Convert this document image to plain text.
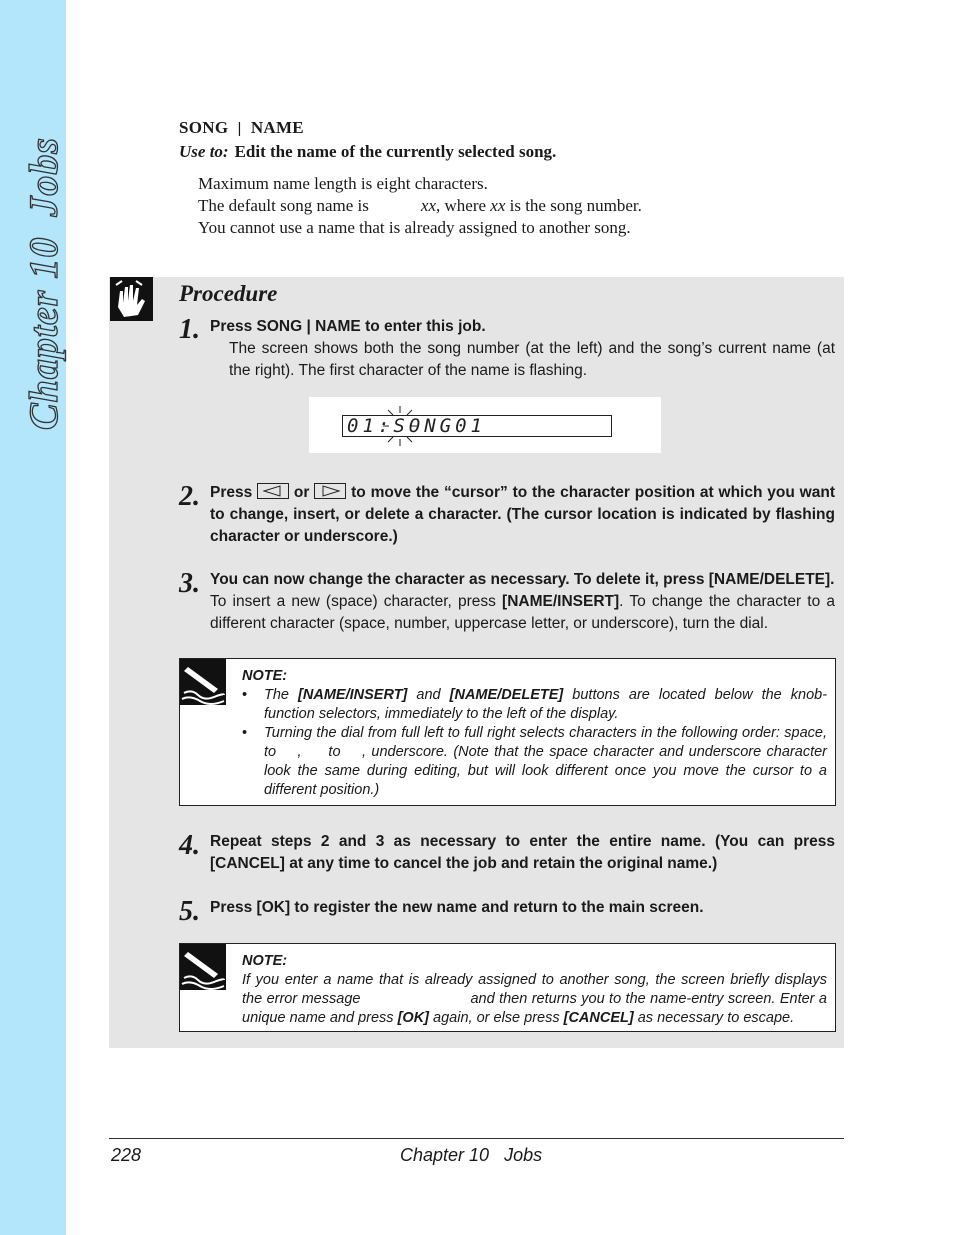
Chapter 10Jobs
SONG | NAME
Use to: Edit the name of the currently selected song.
Maximum name length is eight characters.
The default song name is	xx, where xx is the song number.
You cannot use a name that is already assigned to another song.
Procedure
1. Press SONG | NAME to enter this job.
The screen shows both the song number (at the left) and the song’s current name (at the right). The first character of the name is flashing.
01:SONG01
2. Press	or	to move the “cursor” to the character position at which you want to change, insert, or delete a character. (The cursor location is indicated by flashing character or underscore.)
3. You can now change the character as necessary. To delete it, press [NAME/DELETE].
To insert a new (space) character, press [NAME/INSERT]. To change the character to a different character (space, number, uppercase letter, or underscore), turn the dial.
NOTE:
• The [NAME/INSERT] and [NAME/DELETE] buttons are located below the knob-function selectors, immediately to the left of the display.
• Turning the dial from full left to full right selects characters in the following order: space,    to    ,     to    , underscore. (Note that the space character and underscore character look the same during editing, but will look different once you move the cursor to a different position.)
4. Repeat steps 2 and 3 as necessary to enter the entire name. (You can press [CANCEL] at any time to cancel the job and retain the original name.)
5. Press [OK] to register the new name and return to the main screen.
NOTE:
If you enter a name that is already assigned to another song, the screen briefly displays the error message	and then returns you to the name-entry screen. Enter a unique name and press [OK] again, or else press [CANCEL] as necessary to escape.
228	Chapter 10   Jobs
